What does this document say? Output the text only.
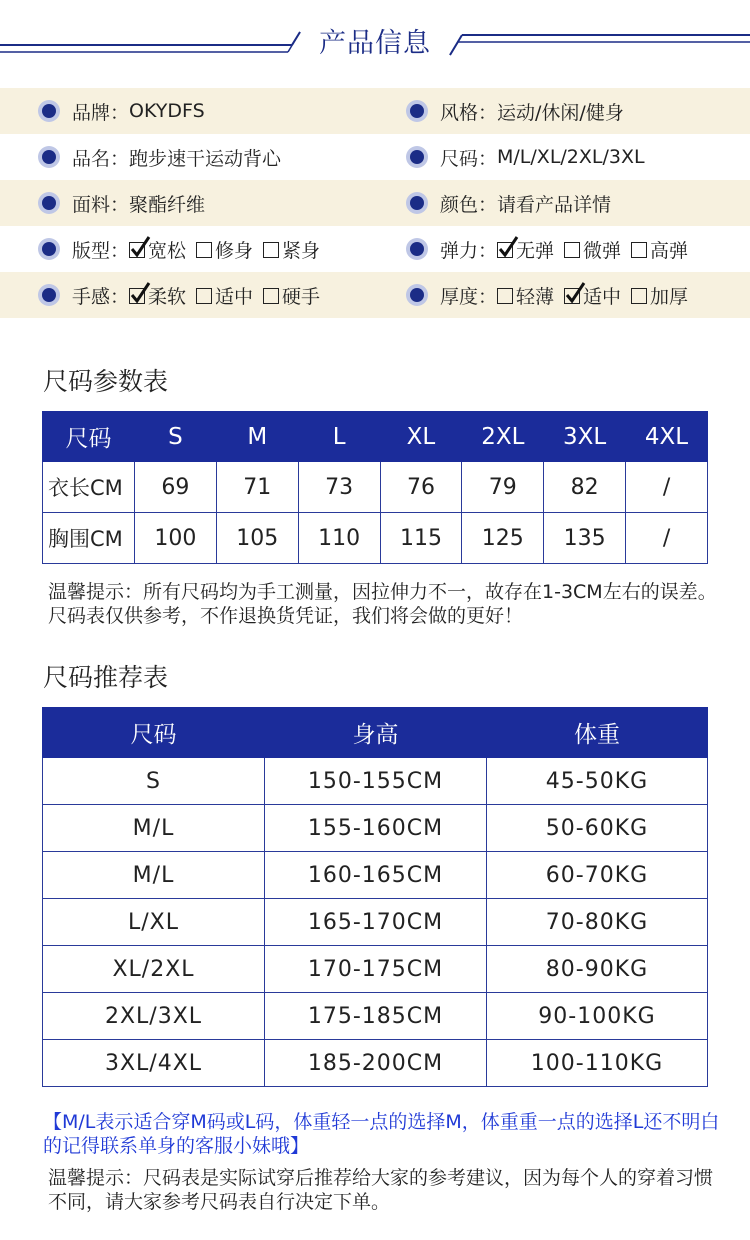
产品信息
品牌： OKYDFS	风格： 运动/休闲/健身
品名： 跑步速干运动背心	尺码： M/L/XL/2XL/3XL
面料： 聚酯纤维	颜色： 请看产品详情
版型： 宽松 修身 紧身	弹力： 无弹 微弹 高弹
手感： 柔软 适中 硬手	厚度： 轻薄 适中 加厚
尺码参数表
尺码	S	M	L	XL	2XL	3XL	4XL
衣长CM	69	71	73	76	79	82	/
胸围CM	100	105	110	115	125	135	/
温馨提示：所有尺码均为手工测量，因拉伸力不一，故存在1-3CM左右的误差。尺码表仅供参考，不作退换货凭证，我们将会做的更好！
尺码推荐表
尺码	身高	体重
S	150-155CM	45-50KG
M/L	155-160CM	50-60KG
M/L	160-165CM	60-70KG
L/XL	165-170CM	70-80KG
XL/2XL	170-175CM	80-90KG
2XL/3XL	175-185CM	90-100KG
3XL/4XL	185-200CM	100-110KG
【M/L表示适合穿M码或L码，体重轻一点的选择M，体重重一点的选择L还不明白的记得联系单身的客服小妹哦】
温馨提示：尺码表是实际试穿后推荐给大家的参考建议，因为每个人的穿着习惯不同，请大家参考尺码表自行决定下单。
